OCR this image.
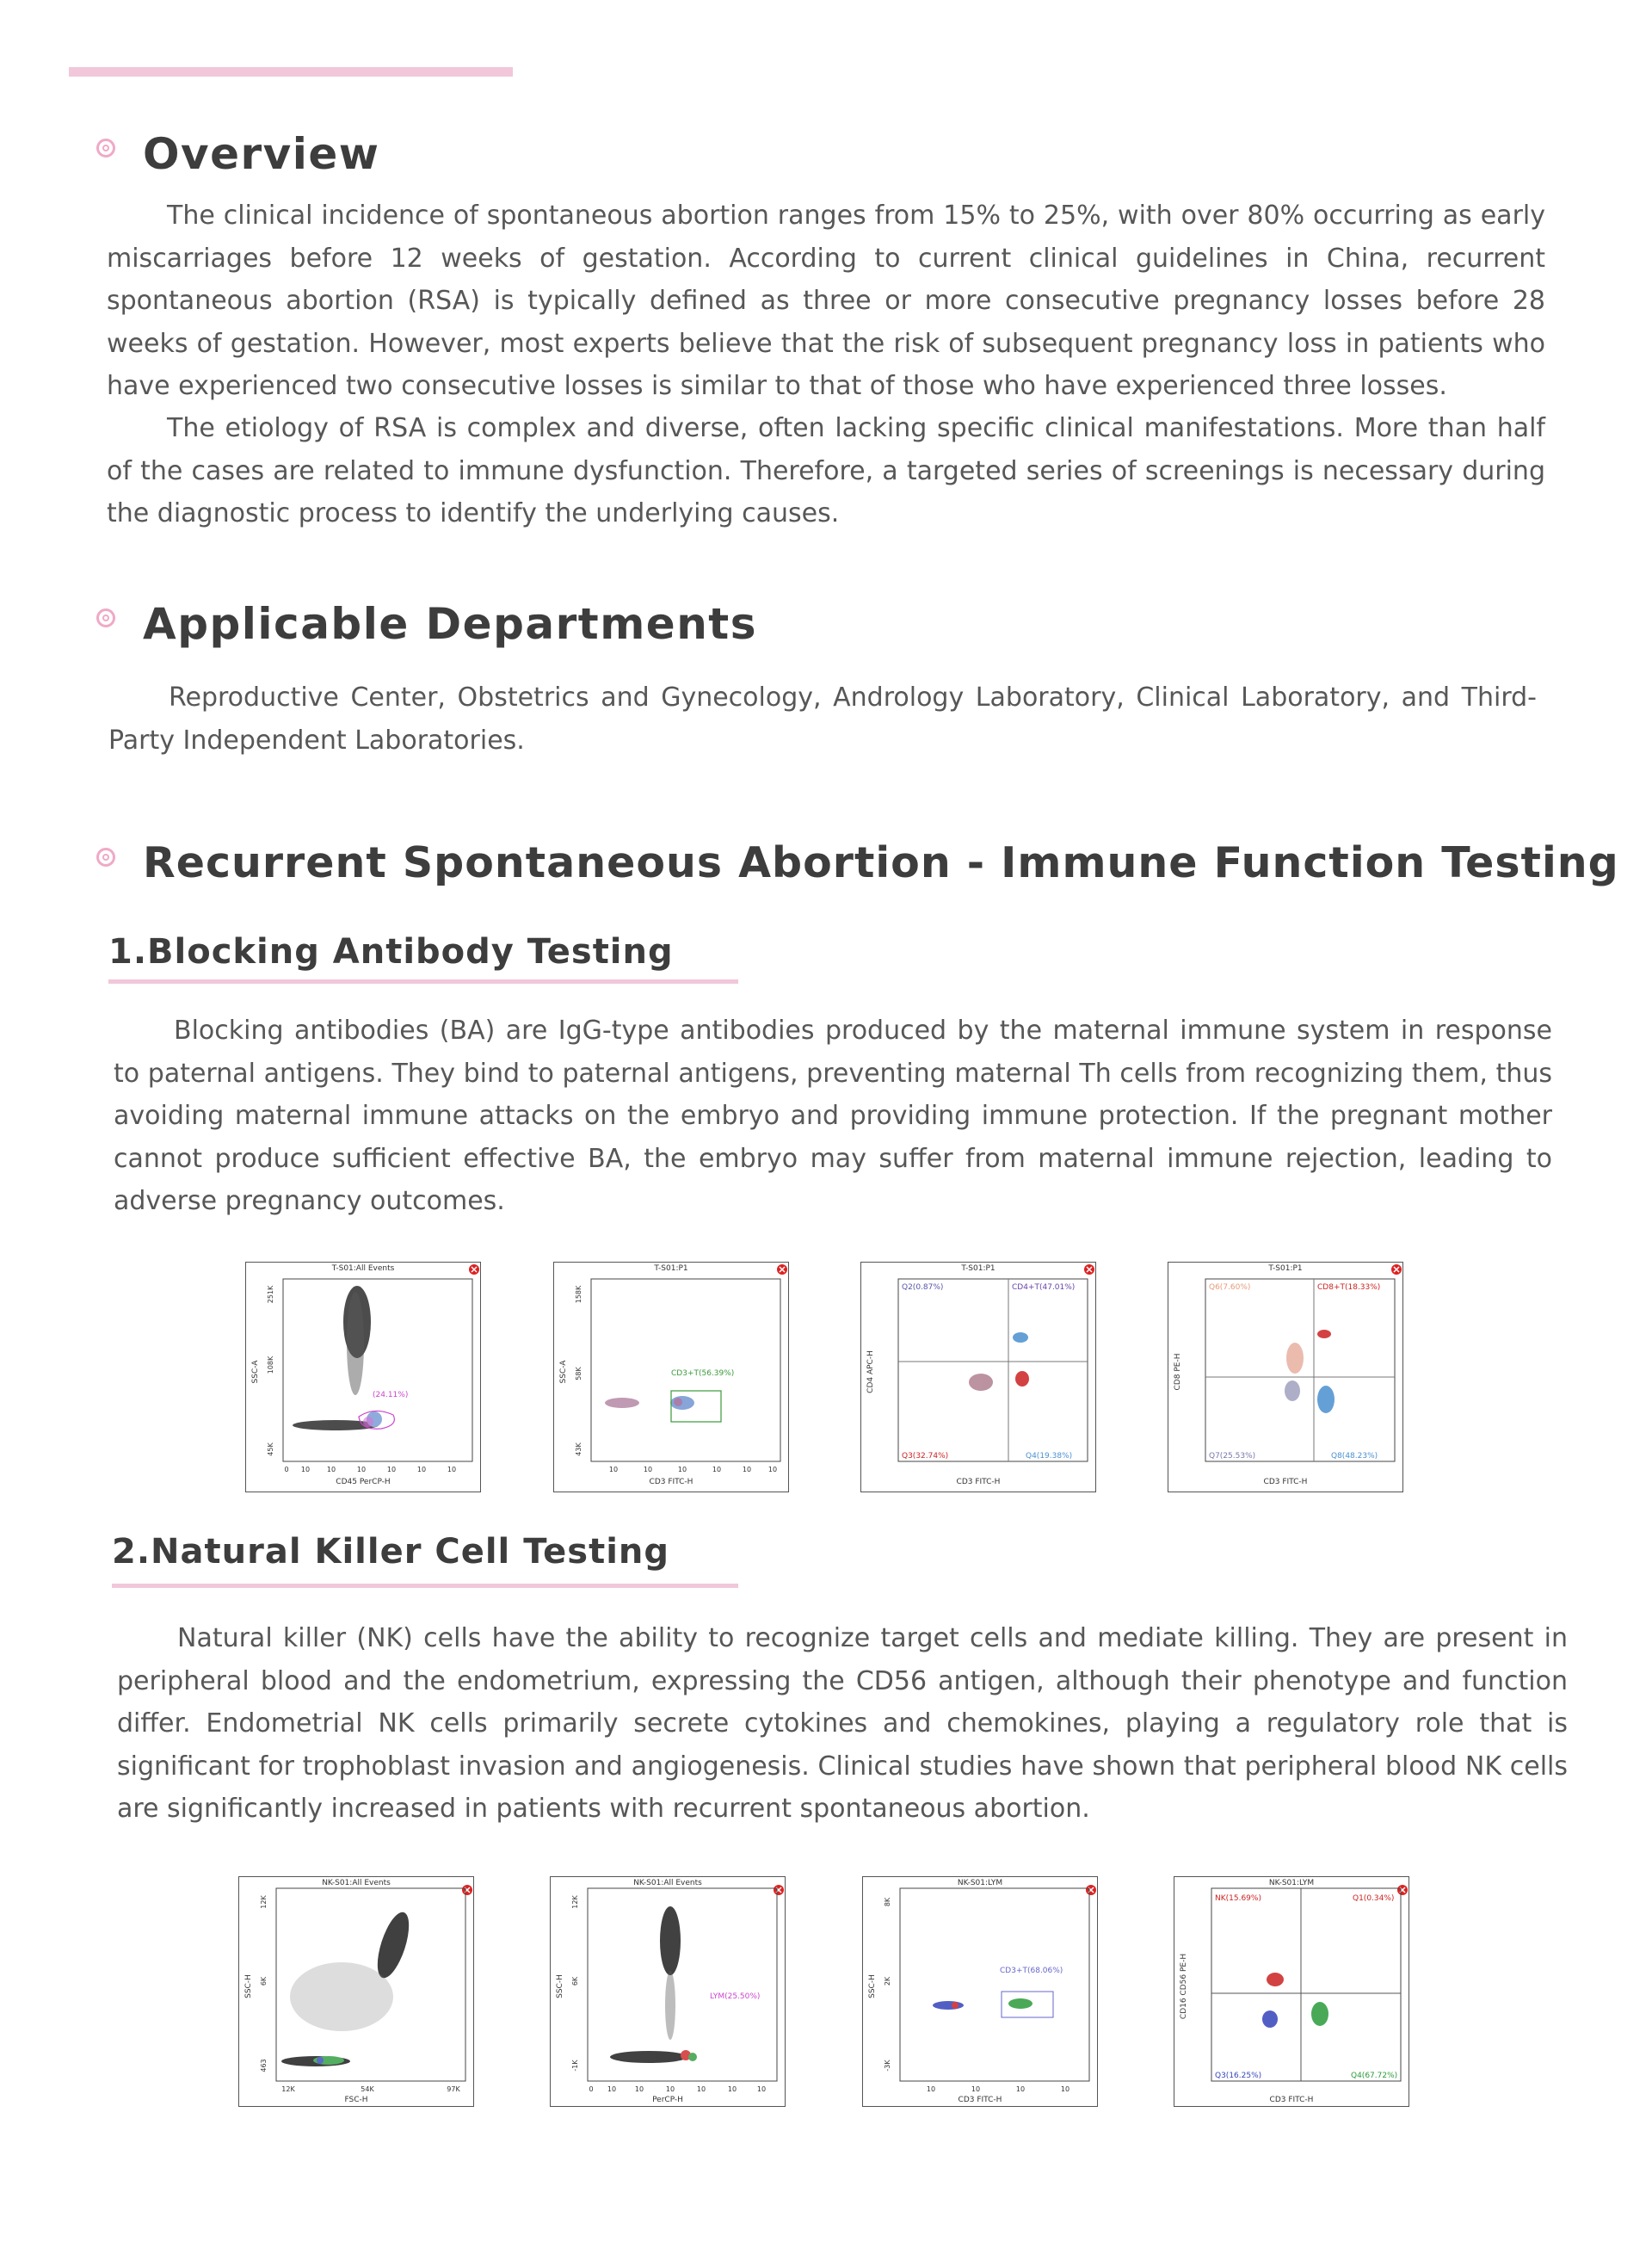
Overview

The clinical incidence of spontaneous abortion ranges from 15% to 25%, with over 80% occurring as early miscarriages before 12 weeks of gestation. According to current clinical guidelines in China, recurrent spontaneous abortion (RSA) is typically defined as three or more consecutive pregnancy losses before 28 weeks of gestation. However, most experts believe that the risk of subsequent pregnancy loss in patients who have experienced two consecutive losses is similar to that of those who have experienced three losses.

The etiology of RSA is complex and diverse, often lacking specific clinical manifestations. More than half of the cases are related to immune dysfunction. Therefore, a targeted series of screenings is necessary during the diagnostic process to identify the underlying causes.

Applicable Departments

Reproductive Center, Obstetrics and Gynecology, Andrology Laboratory, Clinical Laboratory, and Third-Party Independent Laboratories.

Recurrent Spontaneous Abortion - Immune Function Testing
1.Blocking Antibody Testing

Blocking antibodies (BA) are IgG-type antibodies produced by the maternal immune system in response to paternal antigens. They bind to paternal antigens, preventing maternal Th cells from recognizing them, thus avoiding maternal immune attacks on the embryo and providing immune protection. If the pregnant mother cannot produce sufficient effective BA, the embryo may suffer from maternal immune rejection, leading to adverse pregnancy outcomes.

T-S01:All Events
(24.11%)
251K
108K
45K
SSC-A
0 10 10	10	10	10	10
CD45 PerCP-H
T-S01:P1
CD3+T(56.39%)
158K
58K
43K
SSC-A
10	10	10	10	10 10
CD3 FITC-H
T-S01:P1
Q2(0.87%)	CD4+T(47.01%)
Q3(32.74%)	Q4(19.38%)
CD4 APC-H
CD3 FITC-H
T-S01:P1
Q6(7.60%)	CD8+T(18.33%)
Q7(25.53%)	Q8(48.23%)
CD8 PE-H
CD3 FITC-H
2.Natural Killer Cell Testing

Natural killer (NK) cells have the ability to recognize target cells and mediate killing. They are present in peripheral blood and the endometrium, expressing the CD56 antigen, although their phenotype and function differ. Endometrial NK cells primarily secrete cytokines and chemokines, playing a regulatory role that is significant for trophoblast invasion and angiogenesis. Clinical studies have shown that peripheral blood NK cells are significantly increased in patients with recurrent spontaneous abortion.

NK-S01:All Events
12K
6K
463
SSC-H
12K	54K	97K
FSC-H
NK-S01:All Events
LYM(25.50%)
12K
6K
-1K
SSC-H
0 10	10	10	10	10	10
PerCP-H
NK-S01:LYM
CD3+T(68.06%)
8K
2K
-3K
SSC-H
10	10	10	10
CD3 FITC-H
NK-S01:LYM
NK(15.69%)	Q1(0.34%)
Q3(16.25%)	Q4(67.72%)
CD16 CD56 PE-H
CD3 FITC-H
